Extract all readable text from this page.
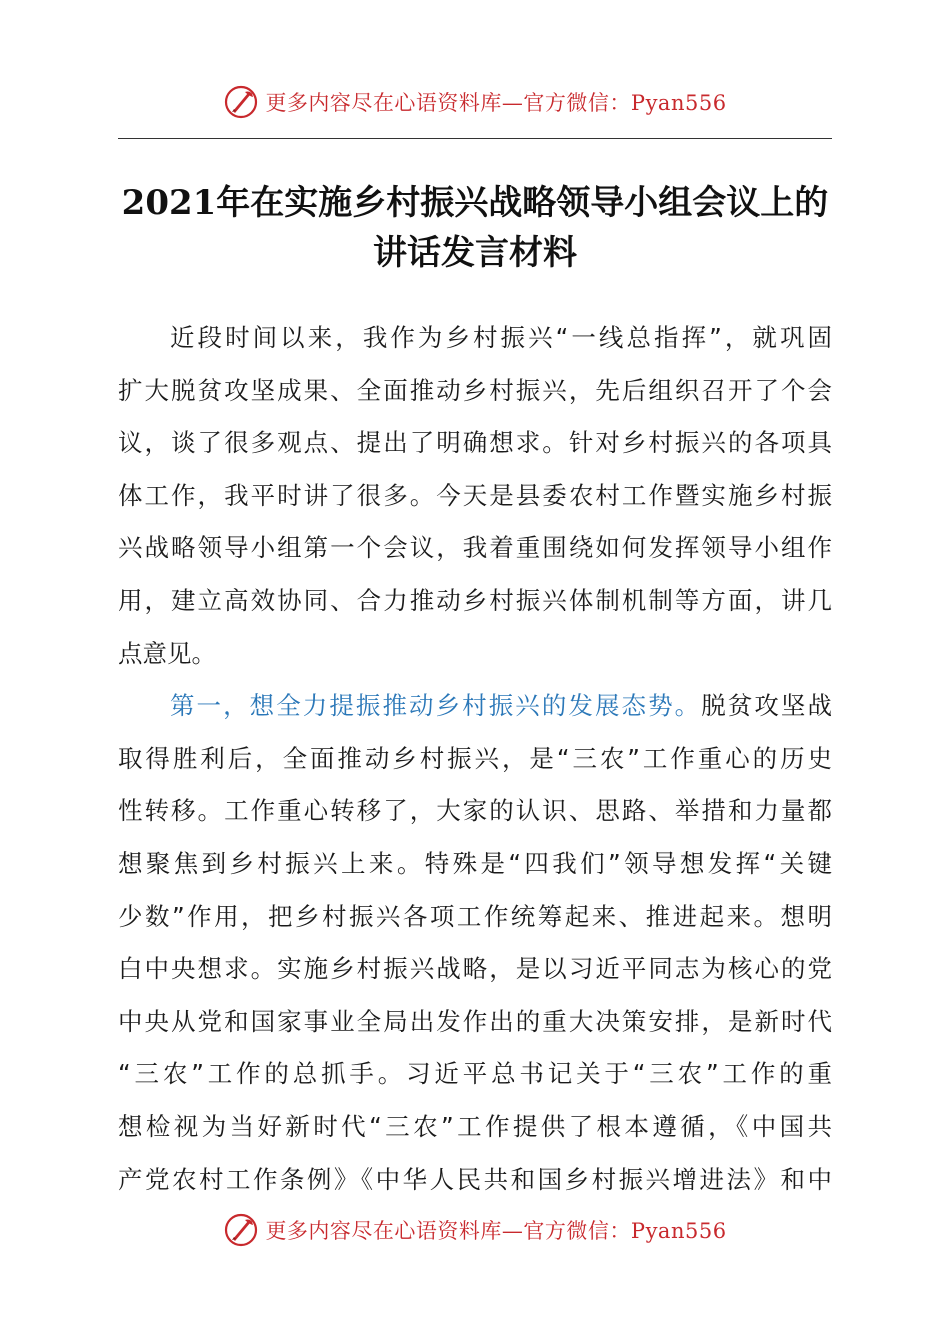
更多内容尽在心语资料库—官方微信：Pyan556
2021年在实施乡村振兴战略领导小组会议上的
讲话发言材料
近段时间以来，我作为乡村振兴“一线总指挥”，就巩固
扩大脱贫攻坚成果、全面推动乡村振兴，先后组织召开了个会
议，谈了很多观点、提出了明确想求。针对乡村振兴的各项具
体工作，我平时讲了很多。今天是县委农村工作暨实施乡村振
兴战略领导小组第一个会议，我着重围绕如何发挥领导小组作
用，建立高效协同、合力推动乡村振兴体制机制等方面，讲几
点意见。
第一，想全力提振推动乡村振兴的发展态势。脱贫攻坚战
取得胜利后，全面推动乡村振兴，是“三农”工作重心的历史
性转移。工作重心转移了，大家的认识、思路、举措和力量都
想聚焦到乡村振兴上来。特殊是“四我们”领导想发挥“关键
少数”作用，把乡村振兴各项工作统筹起来、推进起来。想明
白中央想求。实施乡村振兴战略，是以习近平同志为核心的党
中央从党和国家事业全局出发作出的重大决策安排，是新时代
“三农”工作的总抓手。习近平总书记关于“三农”工作的重
想检视为当好新时代“三农”工作提供了根本遵循，《中国共
产党农村工作条例》《中华人民共和国乡村振兴增进法》和中
更多内容尽在心语资料库—官方微信：Pyan556
